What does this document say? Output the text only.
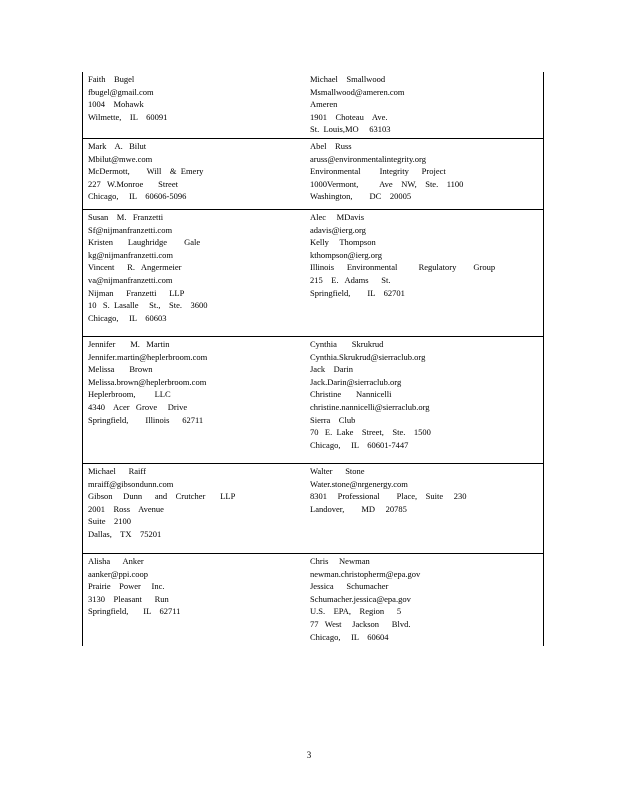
Faith    Bugel
fbugel@gmail.com
1004    Mohawk
Wilmette,    IL    60091
Michael    Smallwood
Msmallwood@ameren.com
Ameren
1901    Choteau    Ave.
St.  Louis,MO     63103
Mark    A.   Bilut
Mbilut@mwe.com
McDermott,        Will    &  Emery
227   W.Monroe       Street
Chicago,     IL    60606-5096
Abel    Russ
aruss@environmentalintegrity.org
Environmental         Integrity      Project
1000Vermont,          Ave    NW,    Ste.    1100
Washington,        DC    20005
Susan    M.   Franzetti
Sf@nijmanfranzetti.com
Kristen       Laughridge        Gale
kg@nijmanfranzetti.com
Vincent      R.   Angermeier
va@nijmanfranzetti.com
Nijman      Franzetti      LLP
10   S.  Lasalle     St.,    Ste.    3600
Chicago,     IL    60603
Alec     MDavis
adavis@ierg.org
Kelly     Thompson
kthompson@ierg.org
Illinois      Environmental          Regulatory        Group
215    E.   Adams      St.
Springfield,        IL    62701
Jennifer       M.   Martin
Jennifer.martin@heplerbroom.com
Melissa       Brown
Melissa.brown@heplerbroom.com
Heplerbroom,         LLC
4340    Acer   Grove     Drive
Springfield,        Illinois      62711
Cynthia       Skrukrud
Cynthia.Skrukrud@sierraclub.org
Jack    Darin
Jack.Darin@sierraclub.org
Christine       Nannicelli
christine.nannicelli@sierraclub.org
Sierra    Club
70   E.  Lake    Street,    Ste.    1500
Chicago,     IL    60601-7447
Michael      Raiff
mraiff@gibsondunn.com
Gibson     Dunn      and    Crutcher       LLP
2001    Ross    Avenue
Suite    2100
Dallas,    TX    75201
Walter      Stone
Water.stone@nrgenergy.com
8301     Professional        Place,    Suite     230
Landover,        MD     20785
Alisha      Anker
aanker@ppi.coop
Prairie    Power     Inc.
3130    Pleasant      Run
Springfield,       IL    62711
Chris     Newman
newman.christopherm@epa.gov
Jessica      Schumacher
Schumacher.jessica@epa.gov
U.S.    EPA,    Region      5
77   West     Jackson      Blvd.
Chicago,     IL    60604
3
